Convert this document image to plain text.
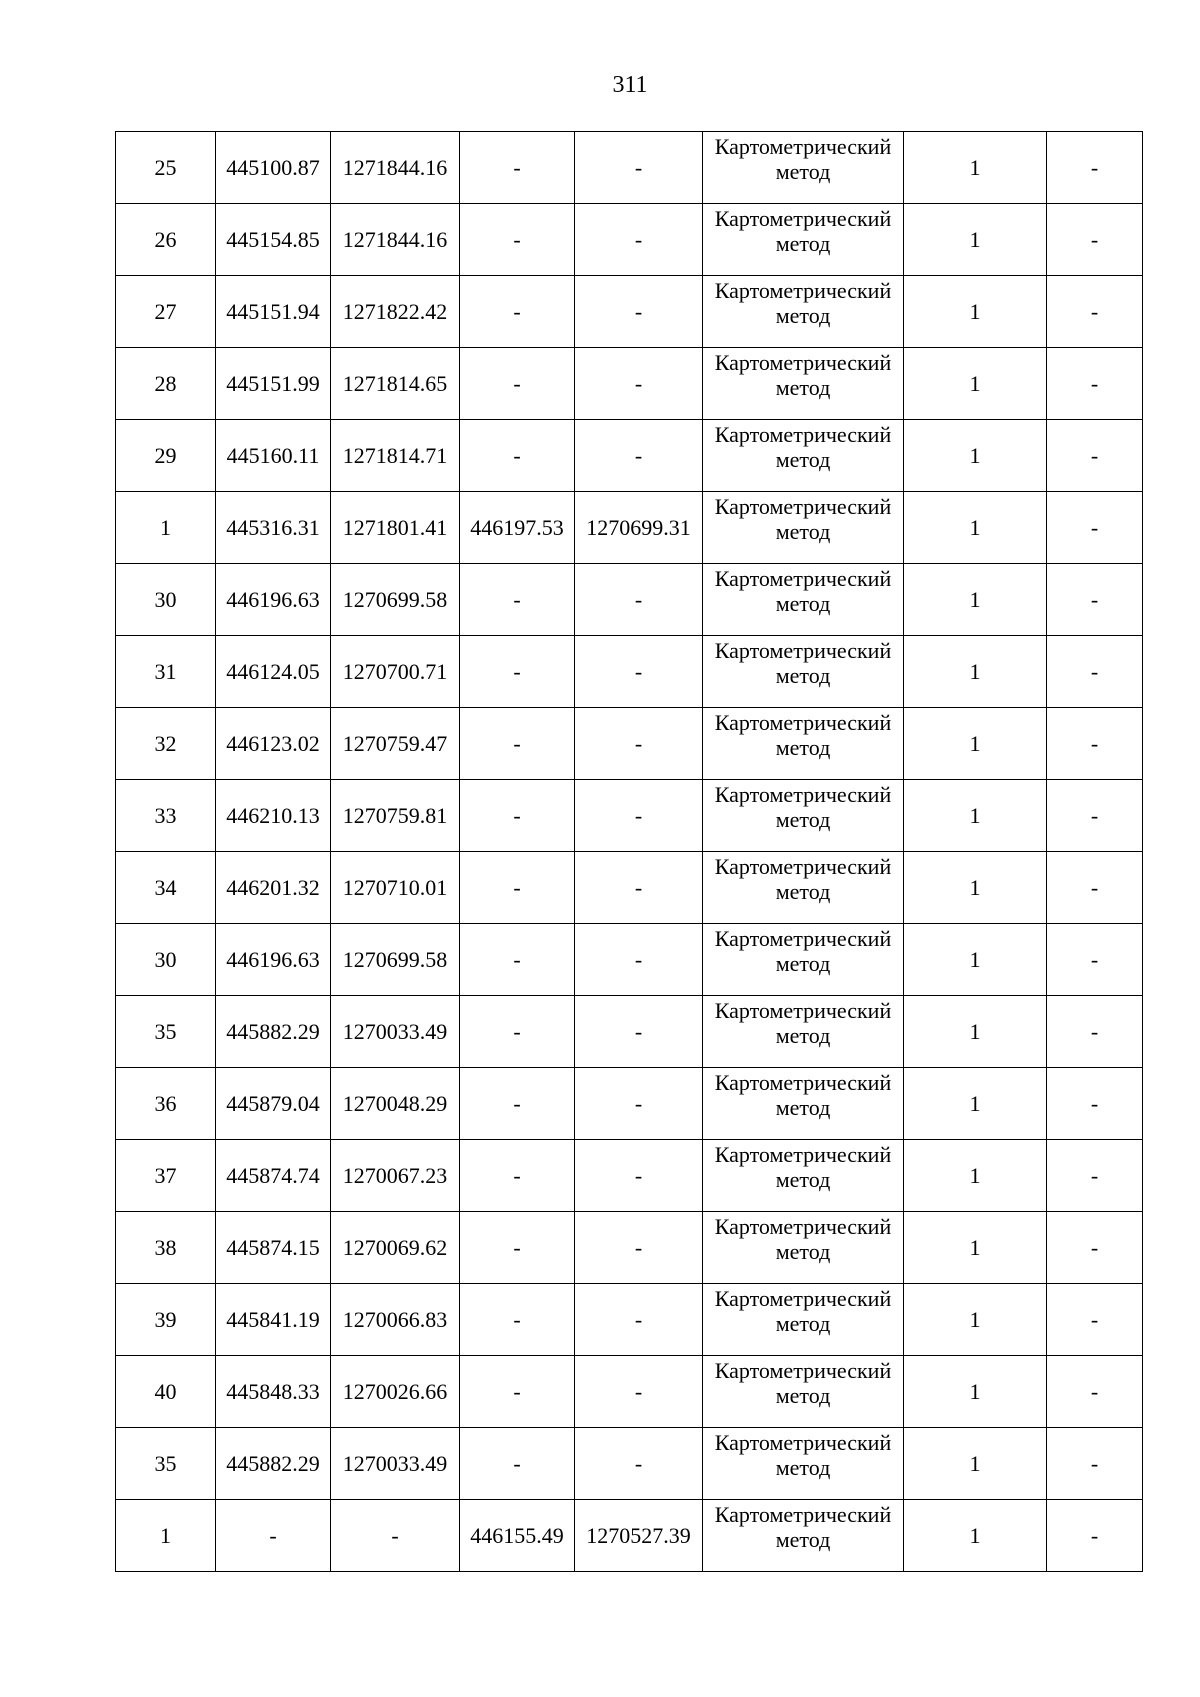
311
25	445100.87	1271844.16	-	-	Картометрический метод	1	-
26	445154.85	1271844.16	-	-	Картометрический метод	1	-
27	445151.94	1271822.42	-	-	Картометрический метод	1	-
28	445151.99	1271814.65	-	-	Картометрический метод	1	-
29	445160.11	1271814.71	-	-	Картометрический метод	1	-
1	445316.31	1271801.41	446197.53	1270699.31	Картометрический метод	1	-
30	446196.63	1270699.58	-	-	Картометрический метод	1	-
31	446124.05	1270700.71	-	-	Картометрический метод	1	-
32	446123.02	1270759.47	-	-	Картометрический метод	1	-
33	446210.13	1270759.81	-	-	Картометрический метод	1	-
34	446201.32	1270710.01	-	-	Картометрический метод	1	-
30	446196.63	1270699.58	-	-	Картометрический метод	1	-
35	445882.29	1270033.49	-	-	Картометрический метод	1	-
36	445879.04	1270048.29	-	-	Картометрический метод	1	-
37	445874.74	1270067.23	-	-	Картометрический метод	1	-
38	445874.15	1270069.62	-	-	Картометрический метод	1	-
39	445841.19	1270066.83	-	-	Картометрический метод	1	-
40	445848.33	1270026.66	-	-	Картометрический метод	1	-
35	445882.29	1270033.49	-	-	Картометрический метод	1	-
1	-	-	446155.49	1270527.39	Картометрический метод	1	-
